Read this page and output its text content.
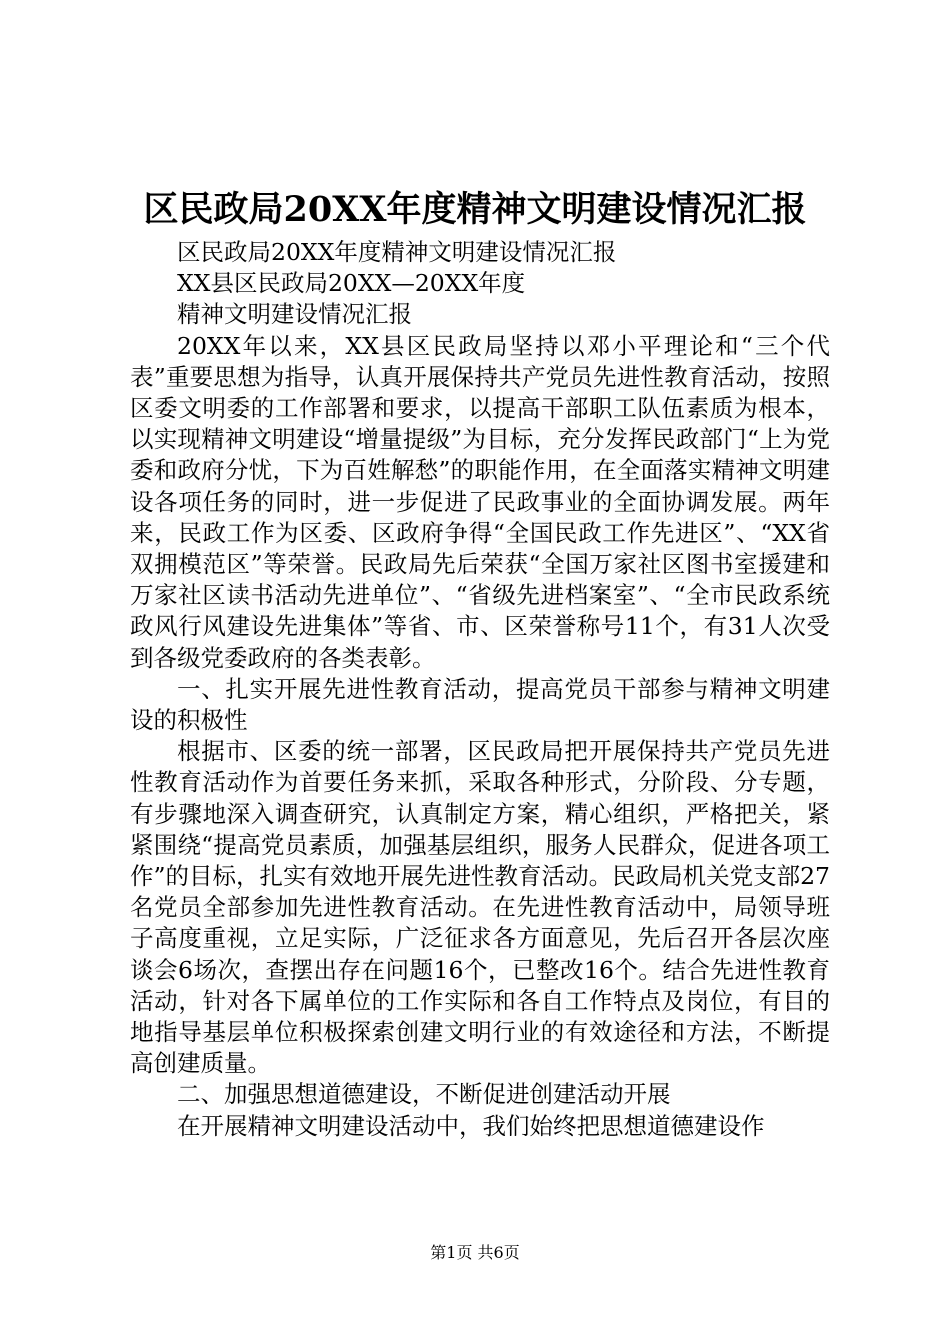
区民政局20XX年度精神文明建设情况汇报

区民政局20XX年度精神文明建设情况汇报

XX县区民政局20XX—20XX年度

精神文明建设情况汇报

20XX年以来，XX县区民政局坚持以邓小平理论和“三个代表”重要思想为指导，认真开展保持共产党员先进性教育活动，按照区委文明委的工作部署和要求，以提高干部职工队伍素质为根本，以实现精神文明建设“增量提级”为目标，充分发挥民政部门“上为党委和政府分忧，下为百姓解愁”的职能作用，在全面落实精神文明建设各项任务的同时，进一步促进了民政事业的全面协调发展。两年来，民政工作为区委、区政府争得“全国民政工作先进区”、“XX省双拥模范区”等荣誉。民政局先后荣获“全国万家社区图书室援建和万家社区读书活动先进单位”、“省级先进档案室”、“全市民政系统政风行风建设先进集体”等省、市、区荣誉称号11个，有31人次受到各级党委政府的各类表彰。

一、扎实开展先进性教育活动，提高党员干部参与精神文明建设的积极性

根据市、区委的统一部署，区民政局把开展保持共产党员先进性教育活动作为首要任务来抓，采取各种形式，分阶段、分专题，有步骤地深入调查研究，认真制定方案，精心组织，严格把关，紧紧围绕“提高党员素质，加强基层组织，服务人民群众，促进各项工作”的目标，扎实有效地开展先进性教育活动。民政局机关党支部27名党员全部参加先进性教育活动。在先进性教育活动中，局领导班子高度重视，立足实际，广泛征求各方面意见，先后召开各层次座谈会6场次，查摆出存在问题16个，已整改16个。结合先进性教育活动，针对各下属单位的工作实际和各自工作特点及岗位，有目的地指导基层单位积极探索创建文明行业的有效途径和方法，不断提高创建质量。

二、加强思想道德建设，不断促进创建活动开展

在开展精神文明建设活动中，我们始终把思想道德建设作

第1页 共6页
